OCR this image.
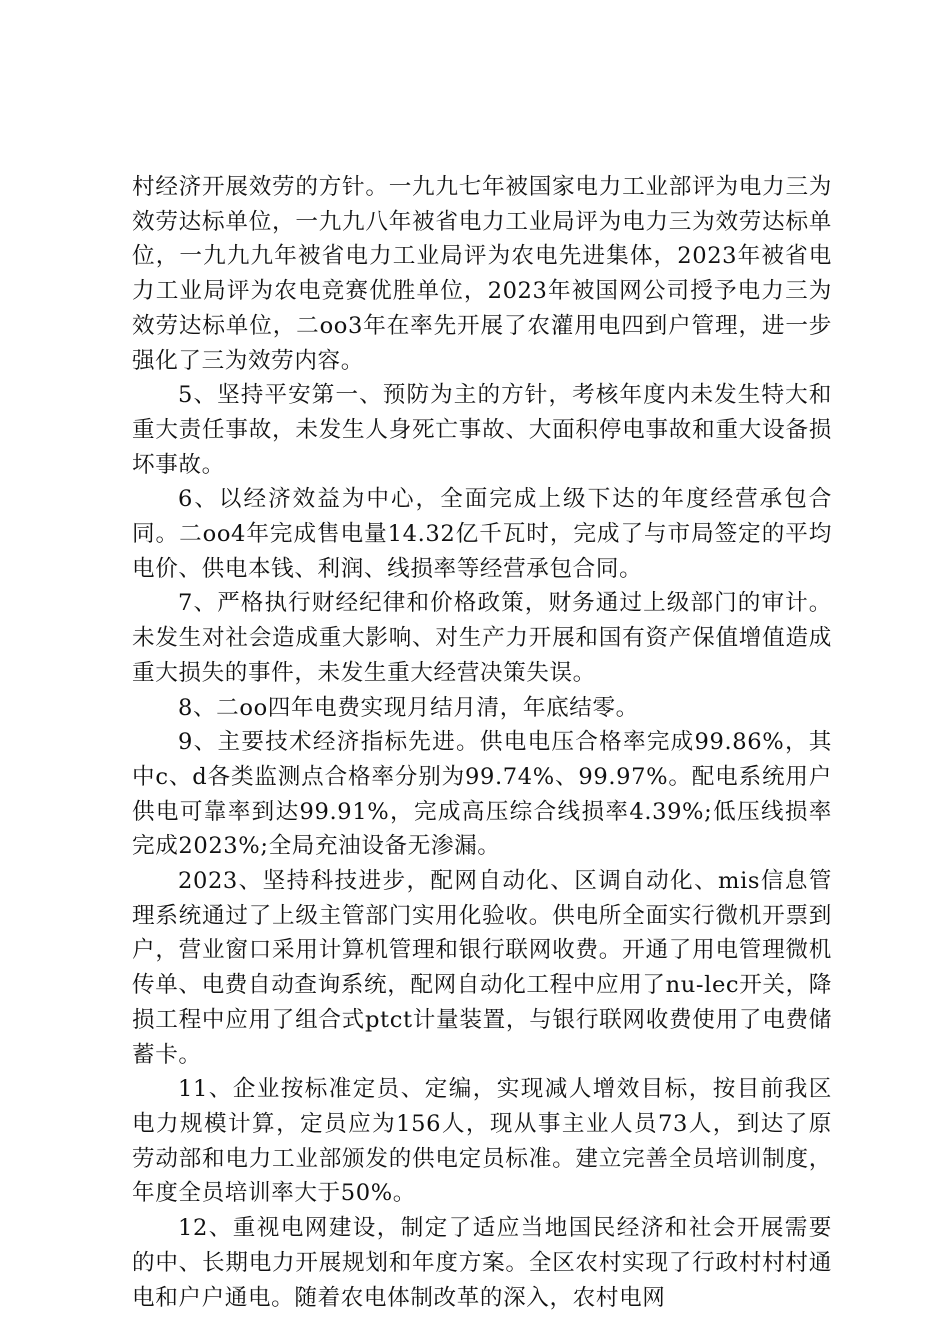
村经济开展效劳的方针。一九九七年被国家电力工业部评为电力三为效劳达标单位，一九九八年被省电力工业局评为电力三为效劳达标单位，一九九九年被省电力工业局评为农电先进集体，2023年被省电力工业局评为农电竞赛优胜单位，2023年被国网公司授予电力三为效劳达标单位，二oo3年在率先开展了农灌用电四到户管理，进一步强化了三为效劳内容。

5、坚持平安第一、预防为主的方针，考核年度内未发生特大和重大责任事故，未发生人身死亡事故、大面积停电事故和重大设备损坏事故。

6、以经济效益为中心，全面完成上级下达的年度经营承包合同。二oo4年完成售电量14.32亿千瓦时，完成了与市局签定的平均电价、供电本钱、利润、线损率等经营承包合同。

7、严格执行财经纪律和价格政策，财务通过上级部门的审计。未发生对社会造成重大影响、对生产力开展和国有资产保值增值造成重大损失的事件，未发生重大经营决策失误。

8、二oo四年电费实现月结月清，年底结零。

9、主要技术经济指标先进。供电电压合格率完成99.86%，其中c、d各类监测点合格率分别为99.74%、99.97%。配电系统用户供电可靠率到达99.91%，完成高压综合线损率4.39%;低压线损率完成2023%;全局充油设备无渗漏。

2023、坚持科技进步，配网自动化、区调自动化、mis信息管理系统通过了上级主管部门实用化验收。供电所全面实行微机开票到户，营业窗口采用计算机管理和银行联网收费。开通了用电管理微机传单、电费自动查询系统，配网自动化工程中应用了nu-lec开关，降损工程中应用了组合式ptct计量装置，与银行联网收费使用了电费储蓄卡。

11、企业按标准定员、定编，实现减人增效目标，按目前我区电力规模计算，定员应为156人，现从事主业人员73人，到达了原劳动部和电力工业部颁发的供电定员标准。建立完善全员培训制度，年度全员培训率大于50%。

12、重视电网建设，制定了适应当地国民经济和社会开展需要的中、长期电力开展规划和年度方案。全区农村实现了行政村村村通电和户户通电。随着农电体制改革的深入，农村电网
